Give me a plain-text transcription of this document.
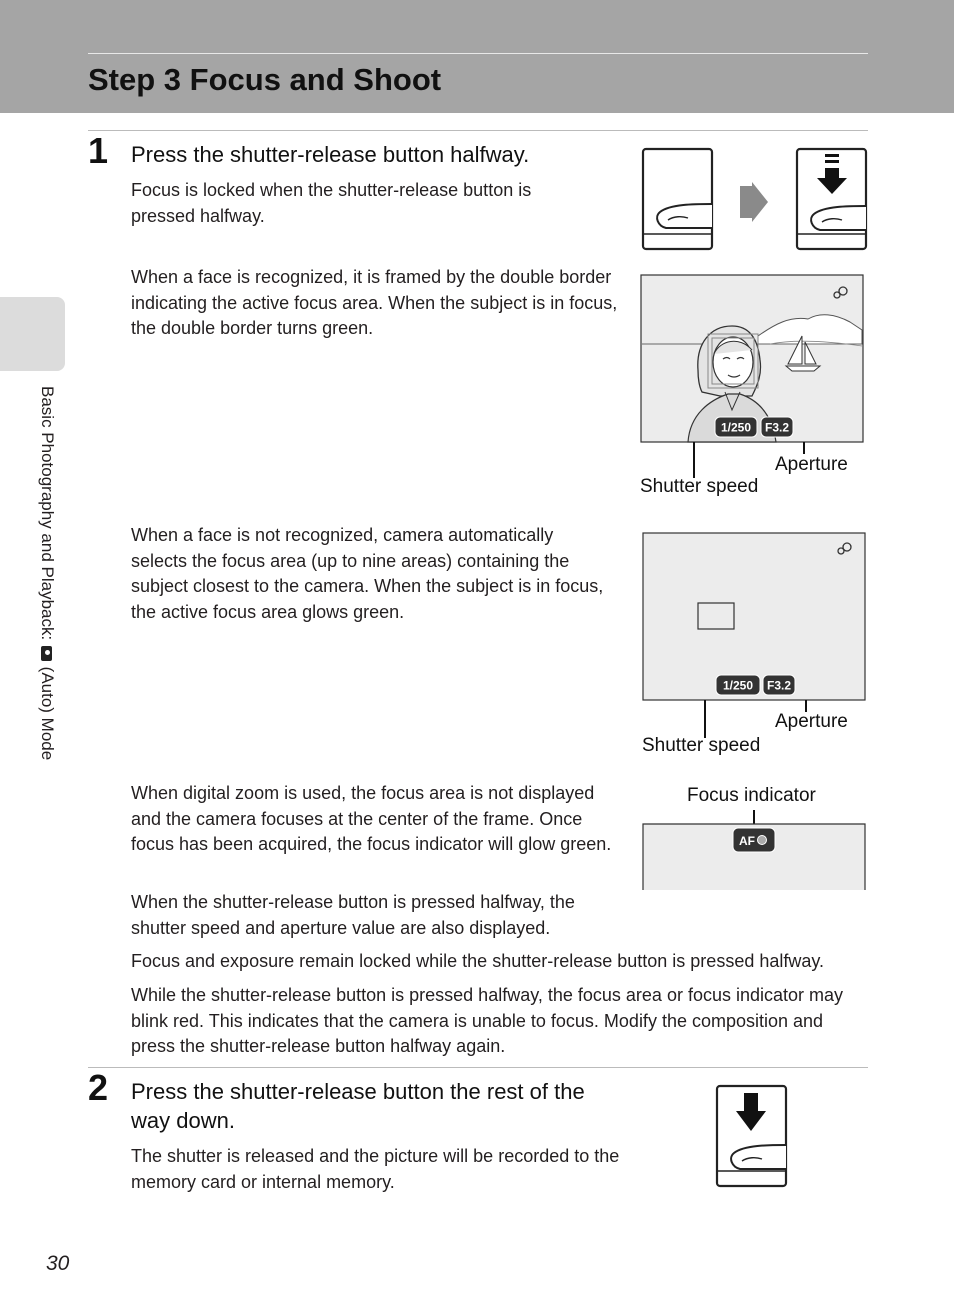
Step 3 Focus and Shoot
Basic Photography and Playback:  (Auto) Mode
1 Press the shutter-release button halfway.
Focus is locked when the shutter-release button is pressed halfway.
When a face is recognized, it is framed by the double border indicating the active focus area. When the subject is in focus, the double border turns green.
When a face is not recognized, camera automatically selects the focus area (up to nine areas) containing the subject closest to the camera. When the subject is in focus, the active focus area glows green.
When digital zoom is used, the focus area is not displayed and the camera focuses at the center of the frame. Once focus has been acquired, the focus indicator will glow green.
When the shutter-release button is pressed halfway, the shutter speed and aperture value are also displayed.
Focus and exposure remain locked while the shutter-release button is pressed halfway.
While the shutter-release button is pressed halfway, the focus area or focus indicator may blink red. This indicates that the camera is unable to focus. Modify the composition and press the shutter-release button halfway again.
1/250 F3.2
Aperture
Shutter speed
1/250 F3.2
Aperture
Shutter speed
Focus indicator
AF
2 Press the shutter-release button the rest of the way down.
The shutter is released and the picture will be recorded to the memory card or internal memory.
30
